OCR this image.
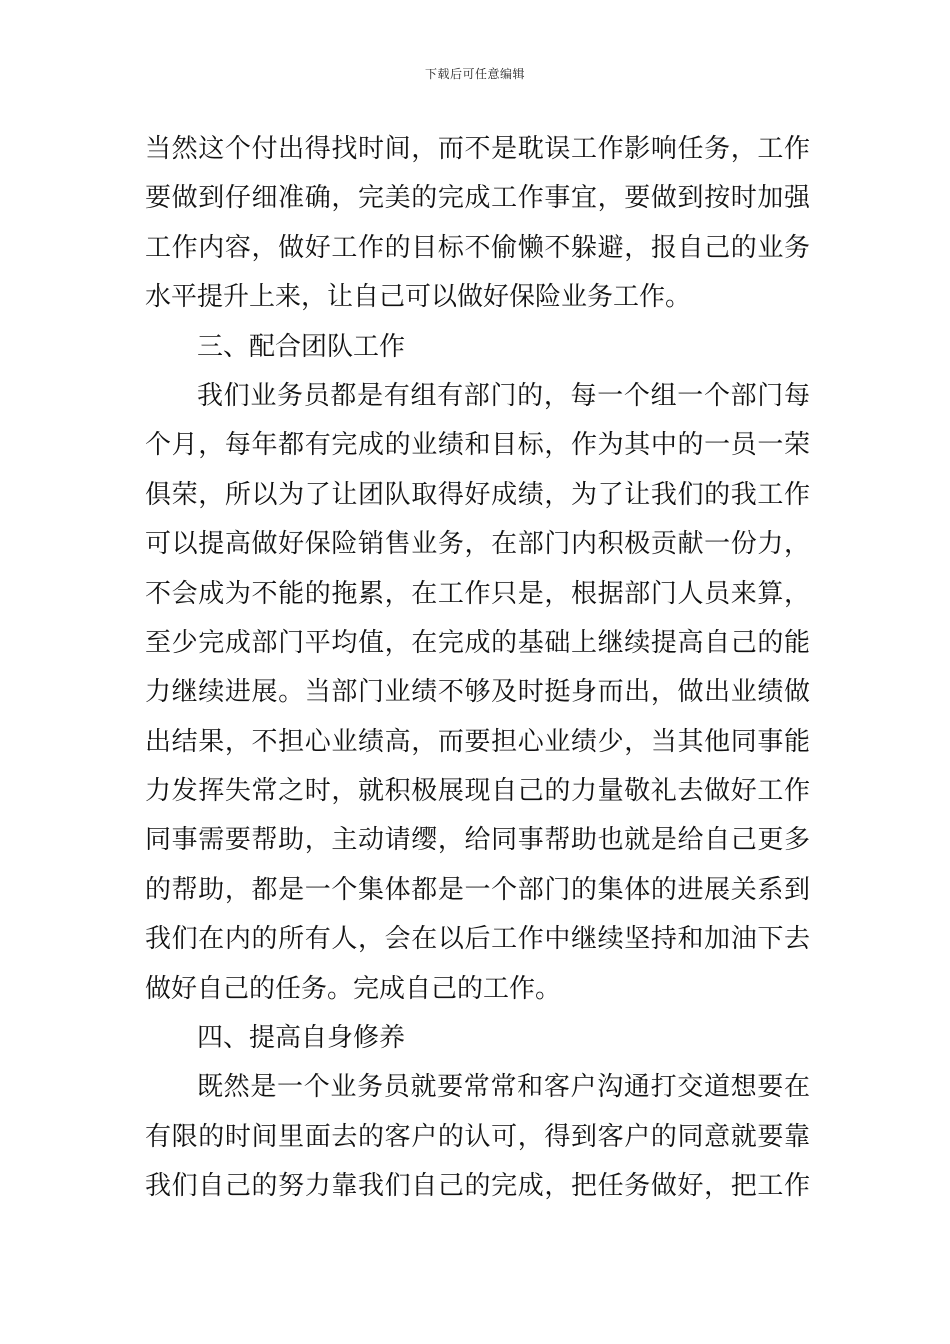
下载后可任意编辑
当然这个付出得找时间，而不是耽误工作影响任务，工作
要做到仔细准确，完美的完成工作事宜，要做到按时加强
工作内容，做好工作的目标不偷懒不躲避，报自己的业务
水平提升上来，让自己可以做好保险业务工作。
三、配合团队工作
我们业务员都是有组有部门的，每一个组一个部门每
个月，每年都有完成的业绩和目标，作为其中的一员一荣
俱荣，所以为了让团队取得好成绩，为了让我们的我工作
可以提高做好保险销售业务，在部门内积极贡献一份力，
不会成为不能的拖累，在工作只是，根据部门人员来算，
至少完成部门平均值，在完成的基础上继续提高自己的能
力继续进展。当部门业绩不够及时挺身而出，做出业绩做
出结果，不担心业绩高，而要担心业绩少，当其他同事能
力发挥失常之时，就积极展现自己的力量敬礼去做好工作
同事需要帮助，主动请缨，给同事帮助也就是给自己更多
的帮助，都是一个集体都是一个部门的集体的进展关系到
我们在内的所有人，会在以后工作中继续坚持和加油下去
做好自己的任务。完成自己的工作。
四、提高自身修养
既然是一个业务员就要常常和客户沟通打交道想要在
有限的时间里面去的客户的认可，得到客户的同意就要靠
我们自己的努力靠我们自己的完成，把任务做好，把工作
